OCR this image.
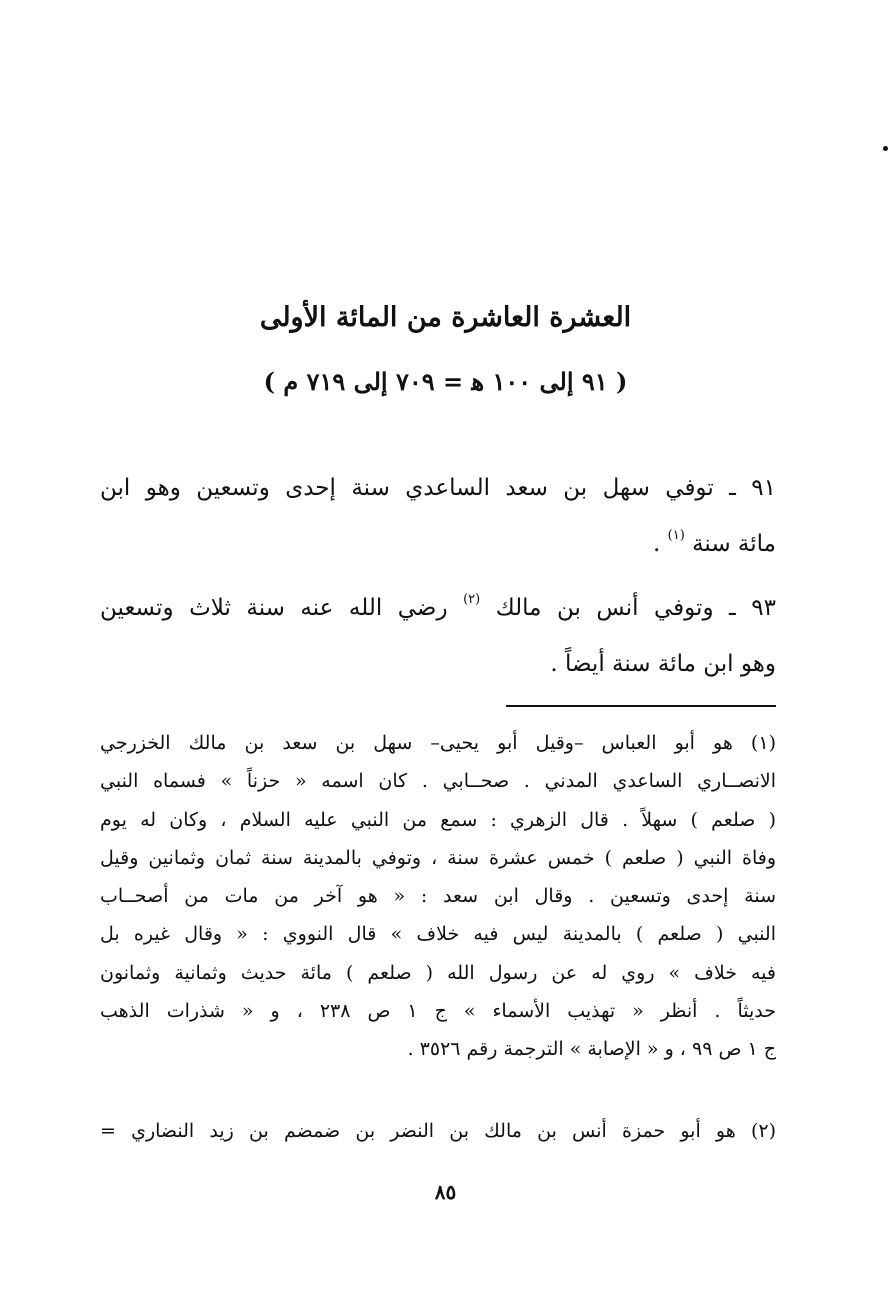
العشرة العاشرة من المائة الأولى
( ٩١ إلى ١٠٠ ﻫ = ٧٠٩ إلى ٧١٩ م )
٩١ ـ توفي سهل بن سعد الساعدي سنة إحدى وتسعين وهو ابن
مائة سنة $^{(١)}$ .
٩٣ ـ وتوفي أنس بن مالك $^{(٢)}$ رضي الله عنه سنة ثلاث وتسعين
وهو ابن مائة سنة أيضاً .
(١) هو أبو العباس –وقيل أبو يحيى– سهل بن سعد بن مالك الخزرجي
الانصــاري الساعدي المدني . صحــابي . كان اسمه « حزناً » فسماه النبي
( صلعم ) سهلاً . قال الزهري : سمع من النبي عليه السلام ، وكان له يوم
وفاة النبي ( صلعم ) خمس عشرة سنة ، وتوفي بالمدينة سنة ثمان وثمانين وقيل
سنة إحدى وتسعين . وقال ابن سعد : « هو آخر من مات من أصحــاب
النبي ( صلعم ) بالمدينة ليس فيه خلاف » قال النووي : « وقال غيره بل
فيه خلاف » روي له عن رسول الله ( صلعم ) مائة حديث وثمانية وثمانون
حديثاً . أنظر « تهذيب الأسماء » ج ١ ص ٢٣٨ ، و « شذرات الذهب
ج ١ ص ٩٩ ، و « الإصابة » الترجمة رقم ٣٥٢٦ .
(٢) هو أبو حمزة أنس بن مالك بن النضر بن ضمضم بن زيد النضاري =
٨٥
